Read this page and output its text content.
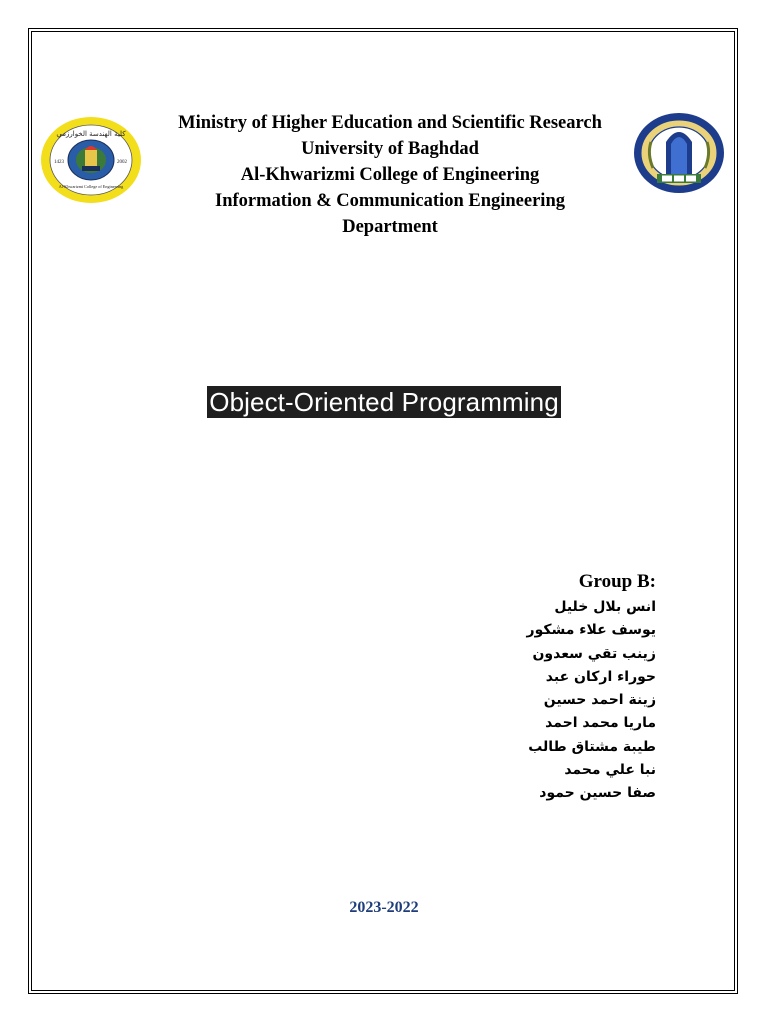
كلية الهندسة الخوارزمي
1423	2002
Al-Khwarizmi College of Engineering
Ministry of Higher Education and Scientific Research
University of Baghdad
Al-Khwarizmi College of Engineering
Information & Communication Engineering
Department
Object-Oriented Programming
Group B:
انس بلال خليل
يوسف علاء مشكور
زينب تقي سعدون
حوراء اركان عبد
زينة احمد حسين
ماريا محمد احمد
طيبة مشتاق طالب
نبا علي محمد
صفا حسين حمود
2023-2022
